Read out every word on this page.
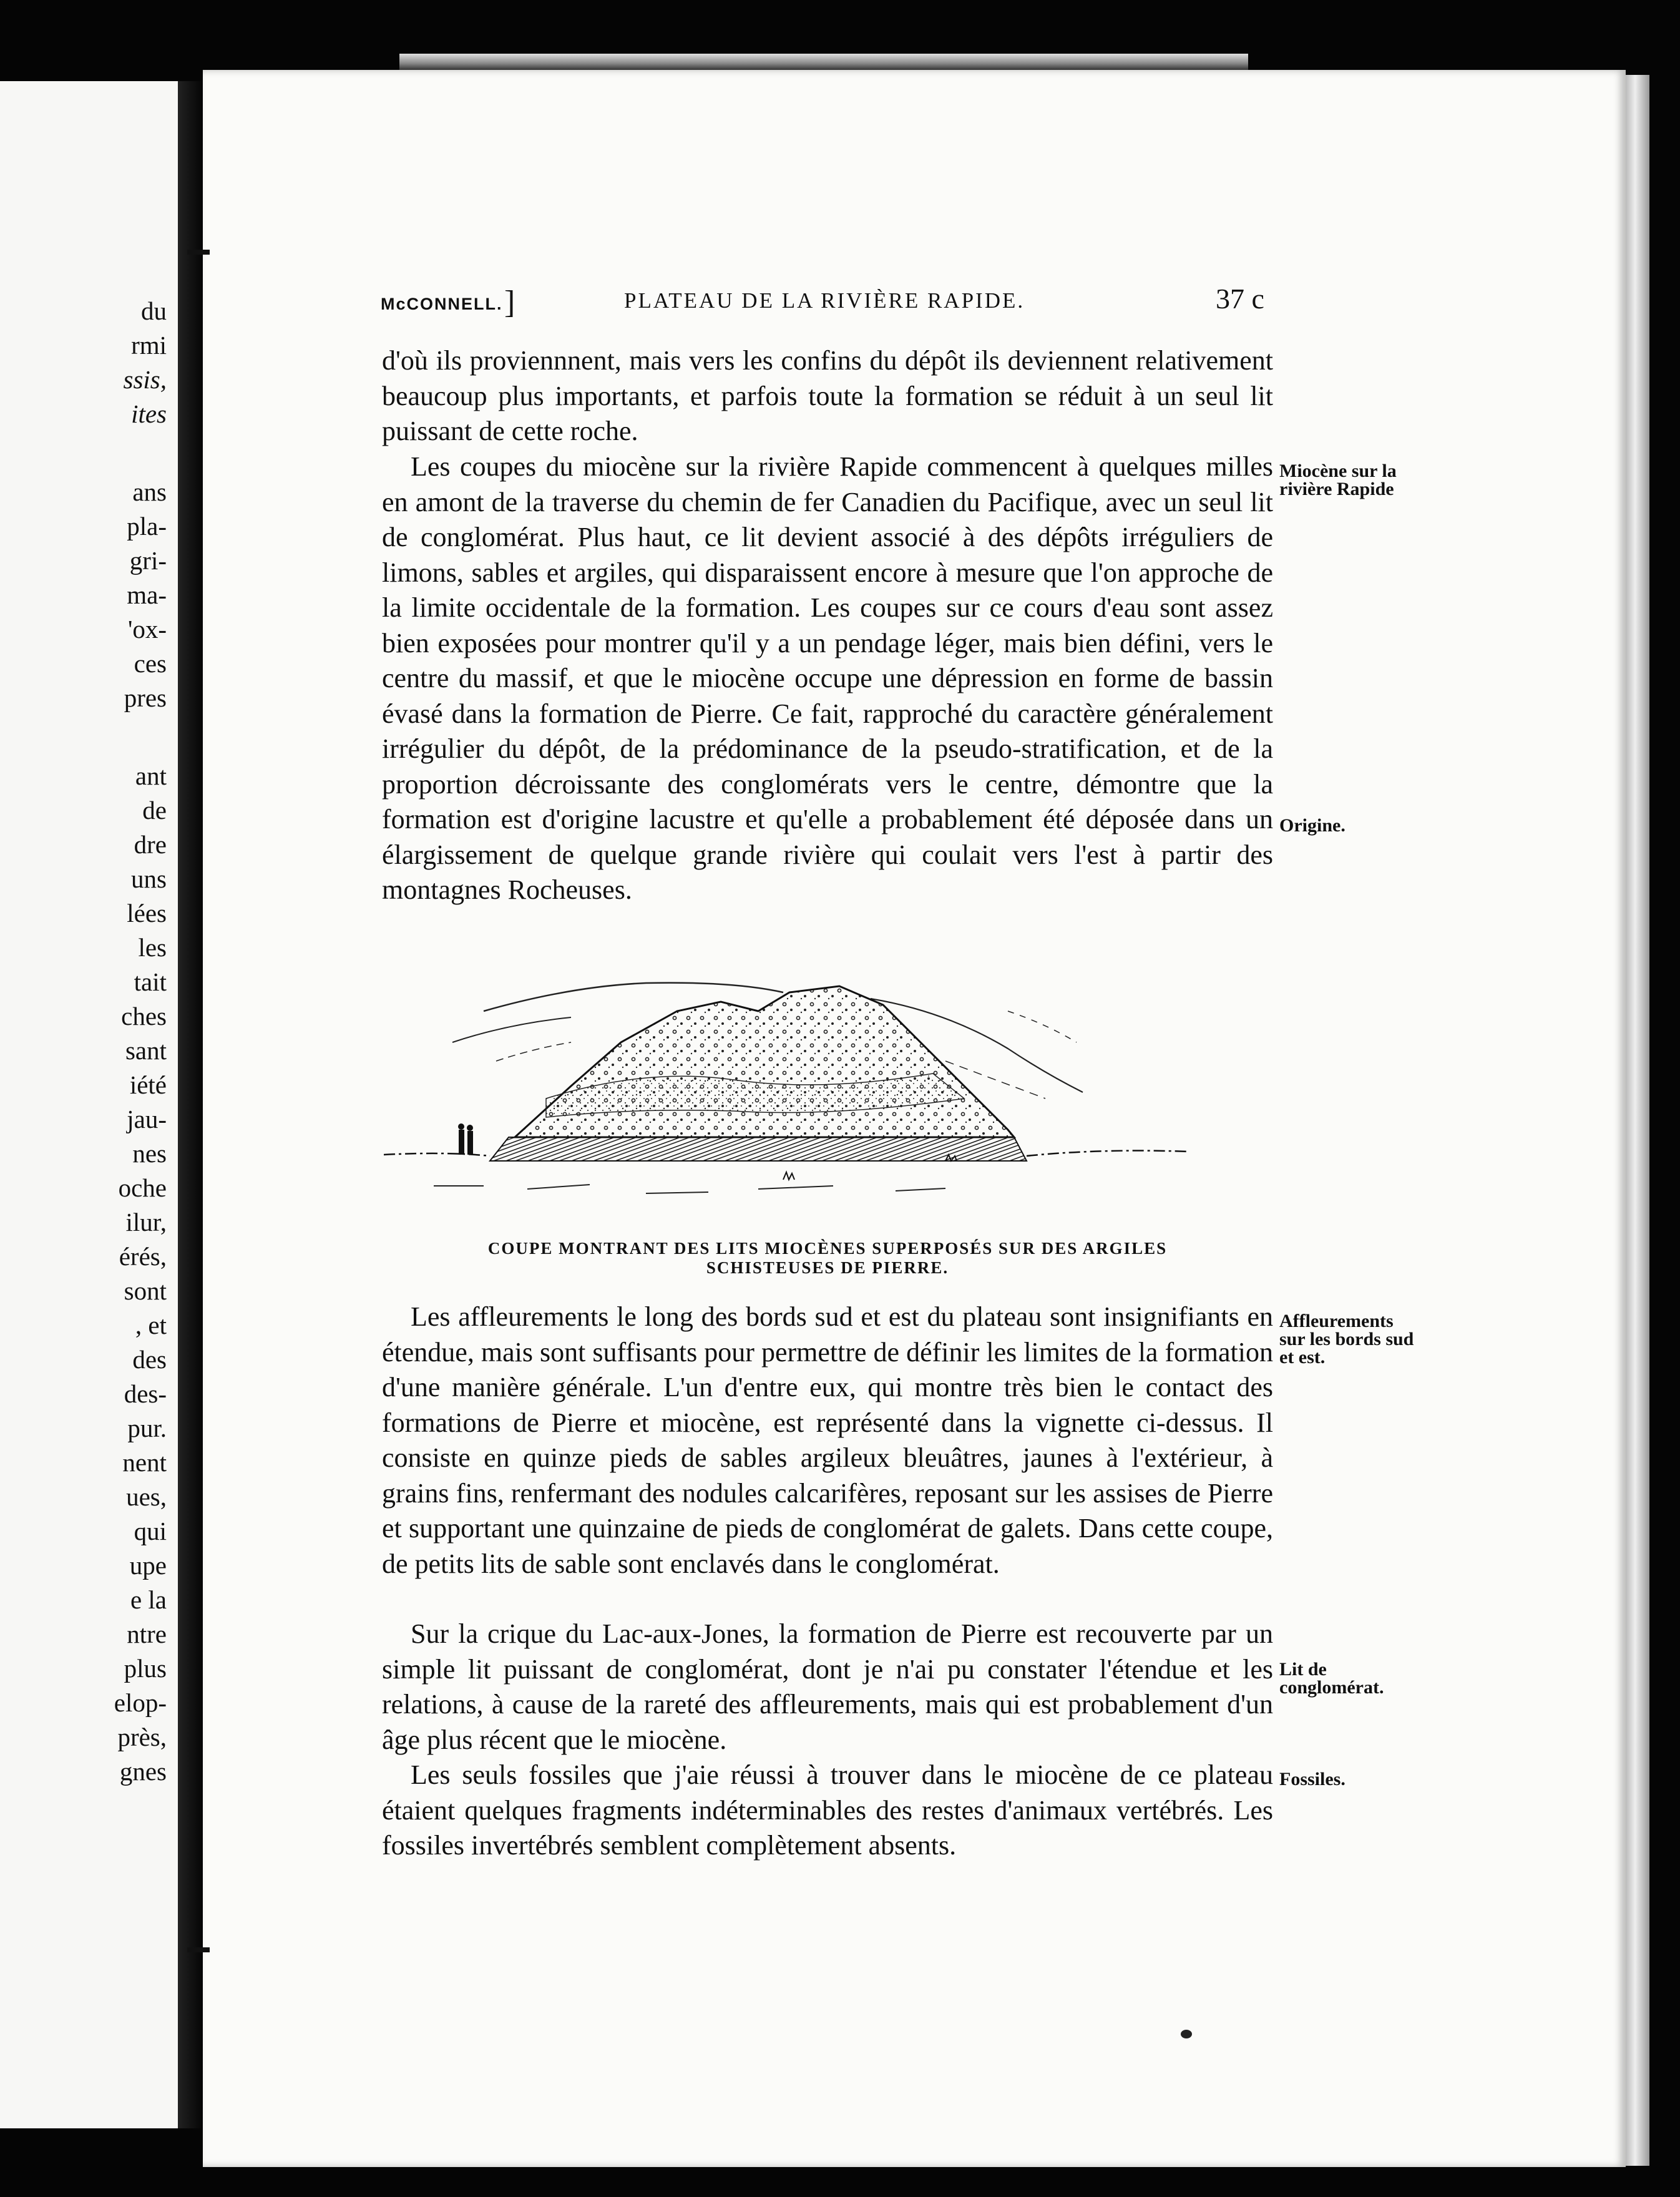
du
rmi
ssis,
ites
ans
pla-
gri-
ma-
'ox-
ces
pres
ant
de
dre
uns
lées
les
tait
ches
sant
iété
jau-
nes
oche
ilur,
érés,
sont
, et
des
des-
pur.
nent
ues,
qui
upe
e la
ntre
plus
elop-
près,
gnes
McCONNELL. ]	PLATEAU DE LA RIVIÈRE RAPIDE.	37 c

d'où ils proviennnent, mais vers les confins du dépôt ils deviennent relativement beaucoup plus importants, et parfois toute la formation se réduit à un seul lit puissant de cette roche.

Les coupes du miocène sur la rivière Rapide commencent à quelques milles en amont de la traverse du chemin de fer Canadien du Pacifique, avec un seul lit de conglomérat. Plus haut, ce lit devient associé à des dépôts irréguliers de limons, sables et argiles, qui disparaissent encore à mesure que l'on approche de la limite occidentale de la formation. Les coupes sur ce cours d'eau sont assez bien exposées pour montrer qu'il y a un pendage léger, mais bien défini, vers le centre du massif, et que le miocène occupe une dépression en forme de bassin évasé dans la formation de Pierre. Ce fait, rapproché du caractère généralement irrégulier du dépôt, de la prédominance de la pseudo-stratification, et de la proportion décroissante des conglomérats vers le centre, démontre que la formation est d'origine lacustre et qu'elle a probablement été déposée dans un élargissement de quelque grande rivière qui coulait vers l'est à partir des montagnes Rocheuses.

Les affleurements le long des bords sud et est du plateau sont insignifiants en étendue, mais sont suffisants pour permettre de définir les limites de la formation d'une manière générale. L'un d'entre eux, qui montre très bien le contact des formations de Pierre et miocène, est représenté dans la vignette ci-dessus. Il consiste en quinze pieds de sables argileux bleuâtres, jaunes à l'extérieur, à grains fins, renfermant des nodules calcarifères, reposant sur les assises de Pierre et supportant une quinzaine de pieds de conglomérat de galets. Dans cette coupe, de petits lits de sable sont enclavés dans le conglomérat.

Sur la crique du Lac-aux-Jones, la formation de Pierre est recouverte par un simple lit puissant de conglomérat, dont je n'ai pu constater l'étendue et les relations, à cause de la rareté des affleurements, mais qui est probablement d'un âge plus récent que le miocène.

Les seuls fossiles que j'aie réussi à trouver dans le miocène de ce plateau étaient quelques fragments indéterminables des restes d'animaux vertébrés. Les fossiles invertébrés semblent complètement absents.

Miocène sur la rivière Rapide
Origine.
Affleurements sur les bords sud et est.
Lit de conglomérat.
Fossiles.
COUPE MONTRANT DES LITS MIOCÈNES SUPERPOSÉS SUR DES ARGILES
SCHISTEUSES DE PIERRE.
